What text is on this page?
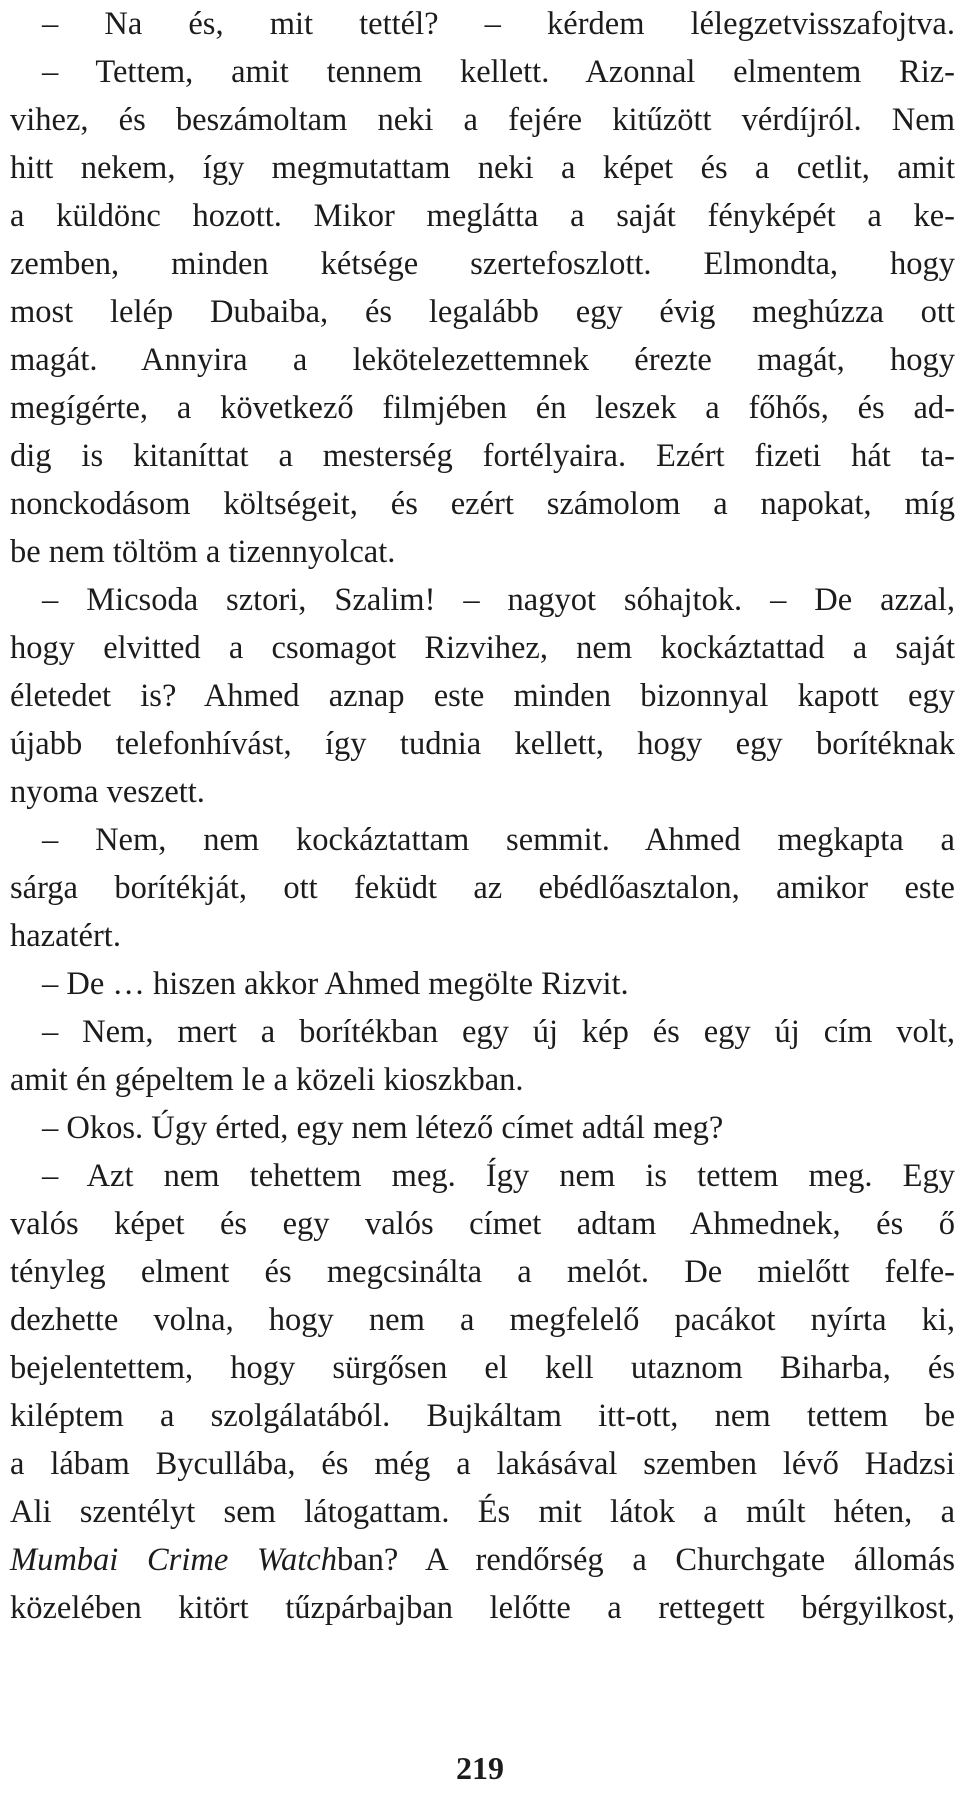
– Na és, mit tettél? – kérdem lélegzetvisszafojtva.
– Tettem, amit tennem kellett. Azonnal elmentem Riz-
vihez, és beszámoltam neki a fejére kitűzött vérdíjról. Nem
hitt nekem, így megmutattam neki a képet és a cetlit, amit
a küldönc hozott. Mikor meglátta a saját fényképét a ke-
zemben, minden kétsége szertefoszlott. Elmondta, hogy
most lelép Dubaiba, és legalább egy évig meghúzza ott
magát. Annyira a lekötelezettemnek érezte magát, hogy
megígérte, a következő filmjében én leszek a főhős, és ad-
dig is kitaníttat a mesterség fortélyaira. Ezért fizeti hát ta-
nonckodásom költségeit, és ezért számolom a napokat, míg
be nem töltöm a tizennyolcat.
– Micsoda sztori, Szalim! – nagyot sóhajtok. – De azzal,
hogy elvitted a csomagot Rizvihez, nem kockáztattad a saját
életedet is? Ahmed aznap este minden bizonnyal kapott egy
újabb telefonhívást, így tudnia kellett, hogy egy borítéknak
nyoma veszett.
– Nem, nem kockáztattam semmit. Ahmed megkapta a
sárga borítékját, ott feküdt az ebédlőasztalon, amikor este
hazatért.
– De … hiszen akkor Ahmed megölte Rizvit.
– Nem, mert a borítékban egy új kép és egy új cím volt,
amit én gépeltem le a közeli kioszkban.
– Okos. Úgy érted, egy nem létező címet adtál meg?
– Azt nem tehettem meg. Így nem is tettem meg. Egy
valós képet és egy valós címet adtam Ahmednek, és ő
tényleg elment és megcsinálta a melót. De mielőtt felfe-
dezhette volna, hogy nem a megfelelő pacákot nyírta ki,
bejelentettem, hogy sürgősen el kell utaznom Biharba, és
kiléptem a szolgálatából. Bujkáltam itt-ott, nem tettem be
a lábam Bycullába, és még a lakásával szemben lévő Hadzsi
Ali szentélyt sem látogattam. És mit látok a múlt héten, a
Mumbai Crime Watchban? A rendőrség a Churchgate állomás
közelében kitört tűzpárbajban lelőtte a rettegett bérgyilkost,
219
